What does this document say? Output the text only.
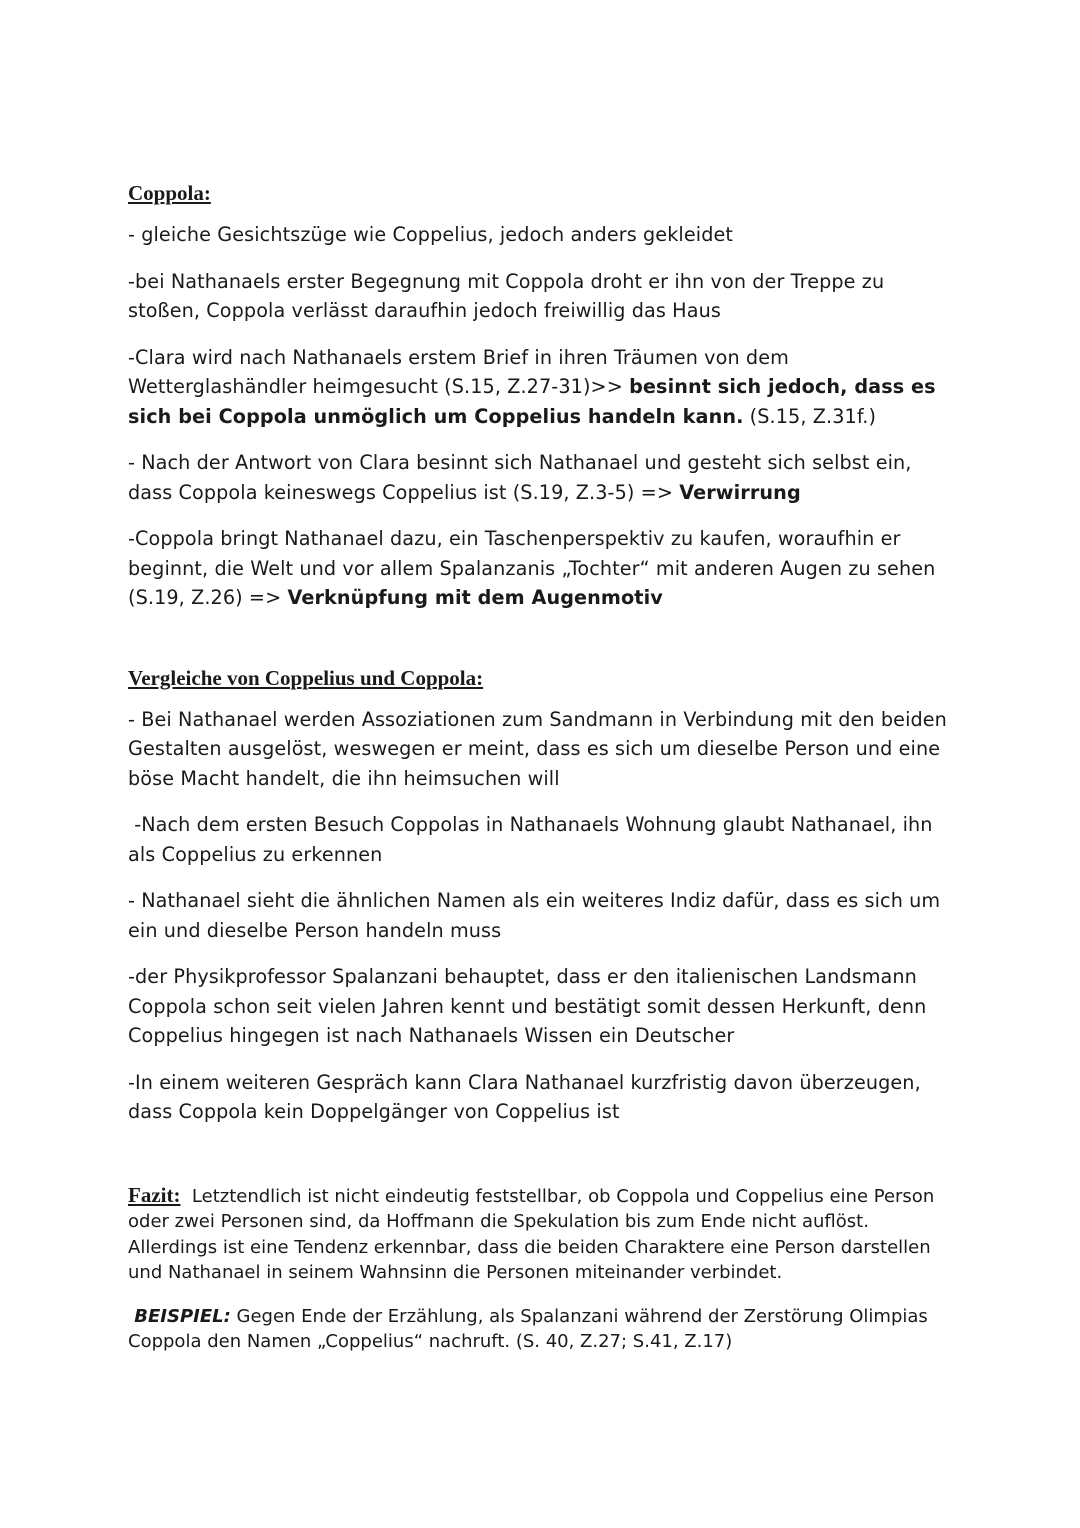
Coppola:
- gleiche Gesichtszüge wie Coppelius, jedoch anders gekleidet
-bei Nathanaels erster Begegnung mit Coppola droht er ihn von der Treppe zu stoßen, Coppola verlässt daraufhin jedoch freiwillig das Haus
-Clara wird nach Nathanaels erstem Brief in ihren Träumen von dem Wetterglashändler heimgesucht (S.15, Z.27-31)>> besinnt sich jedoch, dass es sich bei Coppola unmöglich um Coppelius handeln kann. (S.15, Z.31f.)
- Nach der Antwort von Clara besinnt sich Nathanael und gesteht sich selbst ein, dass Coppola keineswegs Coppelius ist (S.19, Z.3-5) => Verwirrung
-Coppola bringt Nathanael dazu, ein Taschenperspektiv zu kaufen, woraufhin er beginnt, die Welt und vor allem Spalanzanis „Tochter“ mit anderen Augen zu sehen (S.19, Z.26) => Verknüpfung mit dem Augenmotiv
Vergleiche von Coppelius und Coppola:
- Bei Nathanael werden Assoziationen zum Sandmann in Verbindung mit den beiden Gestalten ausgelöst, weswegen er meint, dass es sich um dieselbe Person und eine böse Macht handelt, die ihn heimsuchen will
-Nach dem ersten Besuch Coppolas in Nathanaels Wohnung glaubt Nathanael, ihn als Coppelius zu erkennen
- Nathanael sieht die ähnlichen Namen als ein weiteres Indiz dafür, dass es sich um ein und dieselbe Person handeln muss
-der Physikprofessor Spalanzani behauptet, dass er den italienischen Landsmann Coppola schon seit vielen Jahren kennt und bestätigt somit dessen Herkunft, denn Coppelius hingegen ist nach Nathanaels Wissen ein Deutscher
-In einem weiteren Gespräch kann Clara Nathanael kurzfristig davon überzeugen, dass Coppola kein Doppelgänger von Coppelius ist
Fazit:  Letztendlich ist nicht eindeutig feststellbar, ob Coppola und Coppelius eine Person oder zwei Personen sind, da Hoffmann die Spekulation bis zum Ende nicht auflöst. Allerdings ist eine Tendenz erkennbar, dass die beiden Charaktere eine Person darstellen und Nathanael in seinem Wahnsinn die Personen miteinander verbindet.
BEISPIEL: Gegen Ende der Erzählung, als Spalanzani während der Zerstörung Olimpias Coppola den Namen „Coppelius“ nachruft. (S. 40, Z.27; S.41, Z.17)
